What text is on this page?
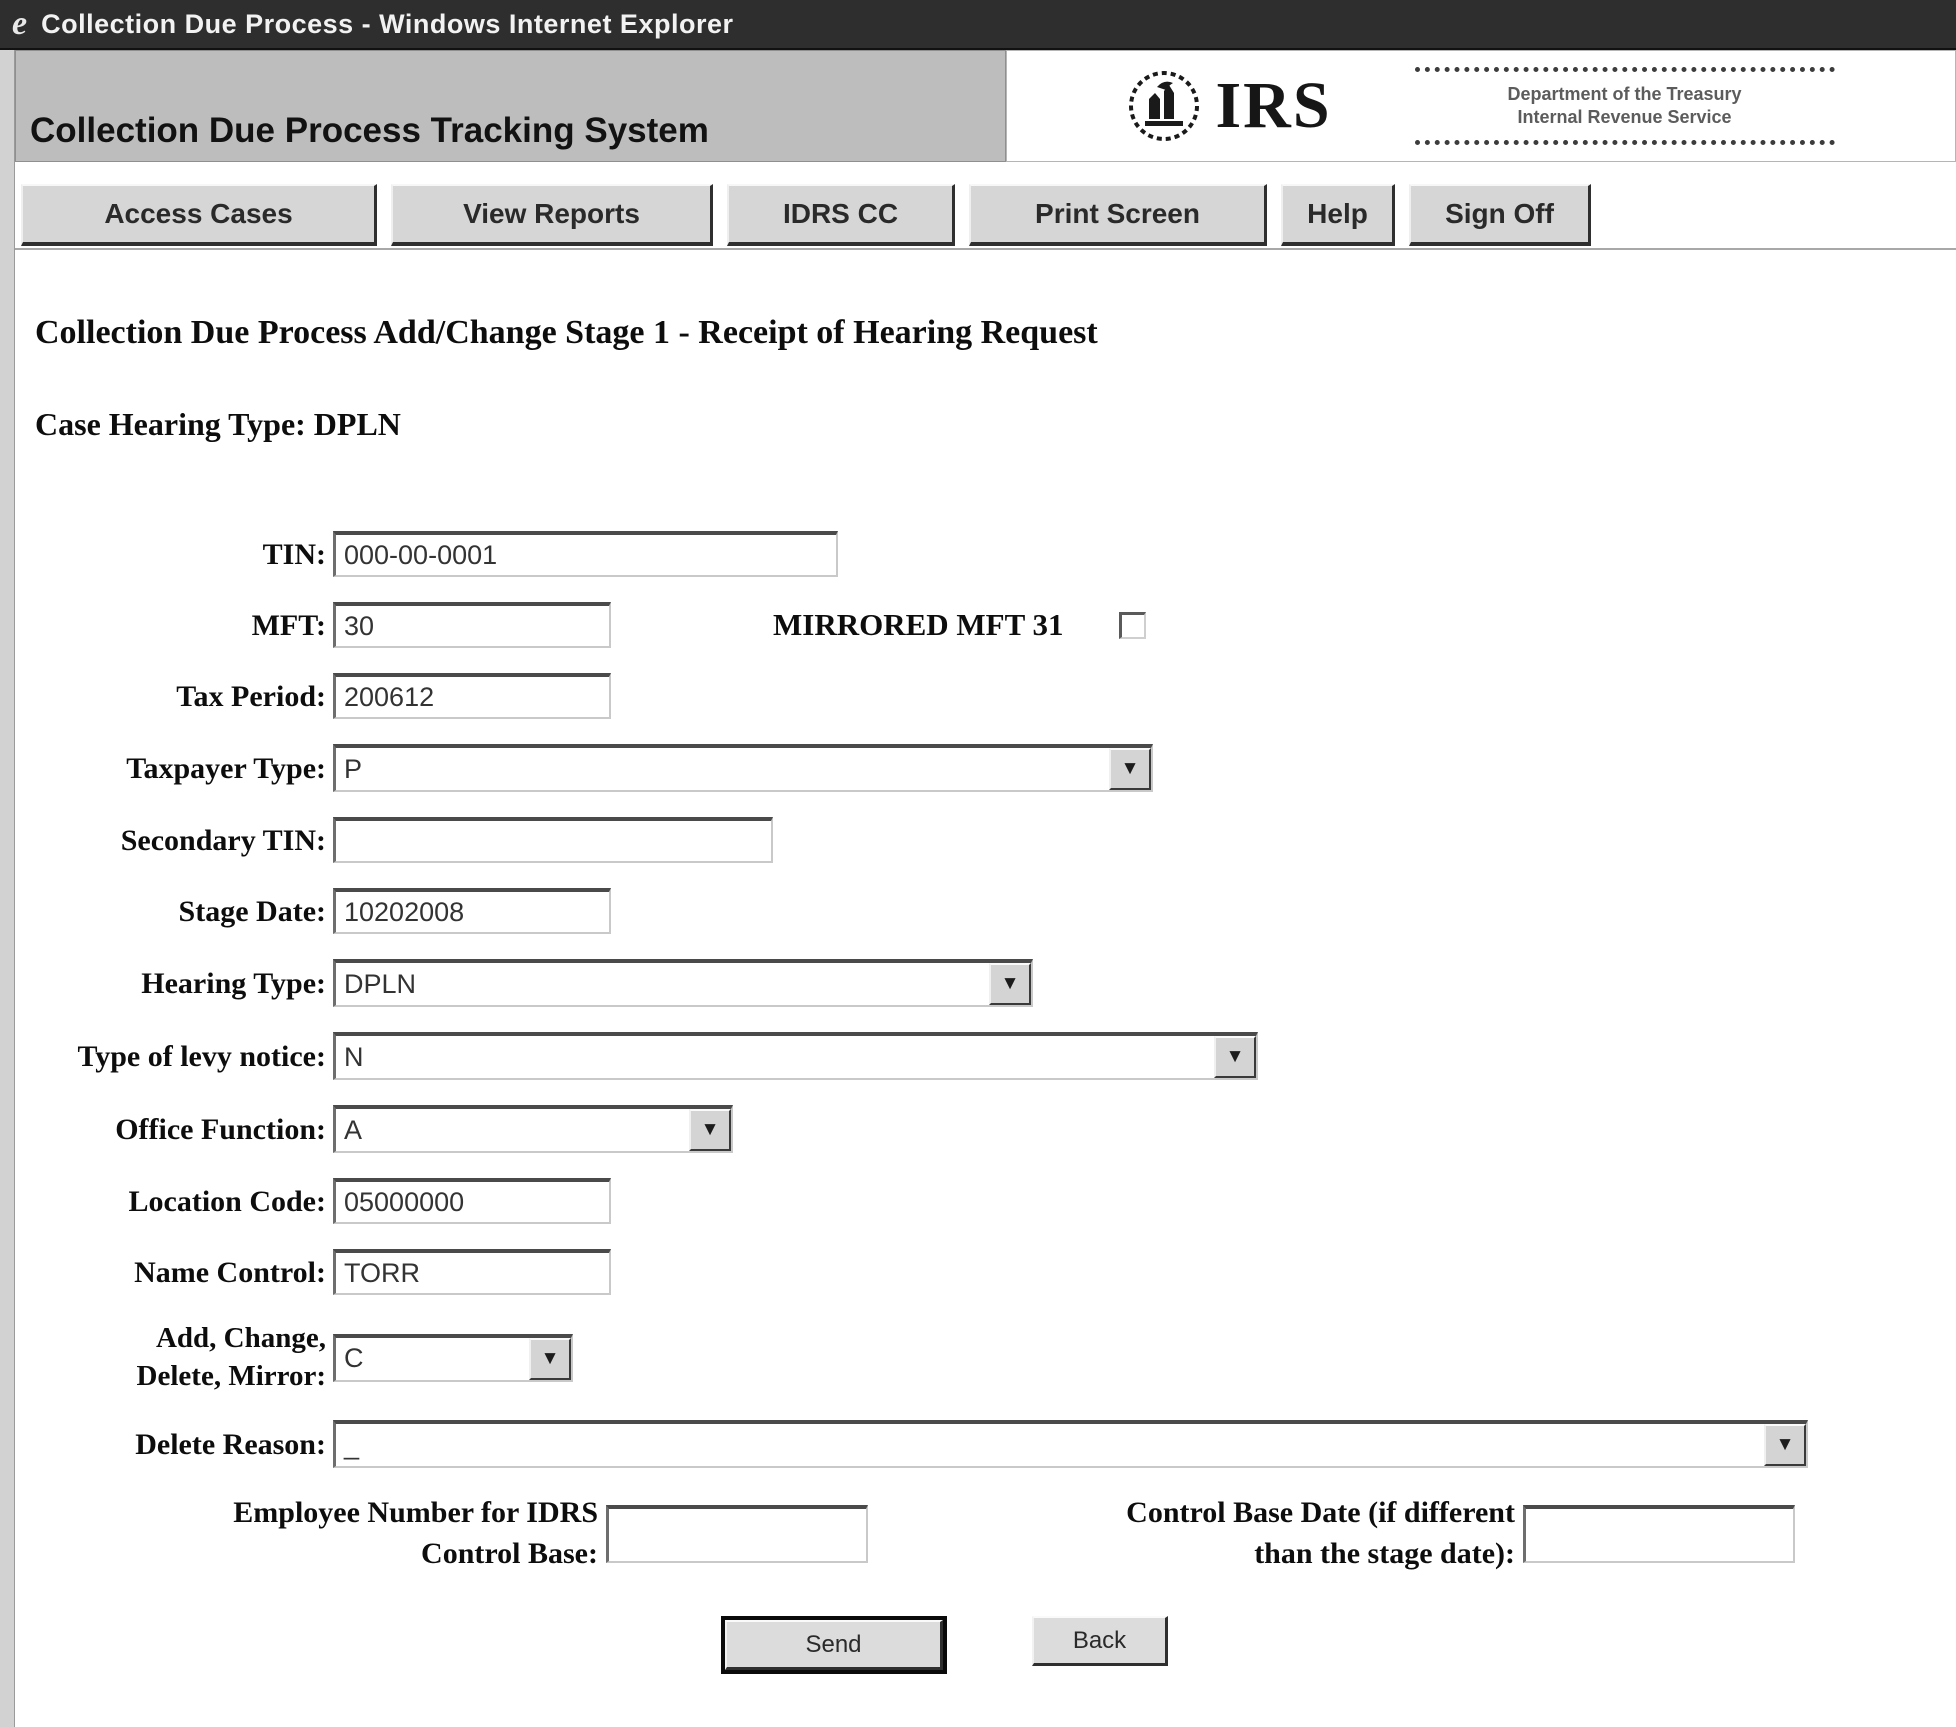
e Collection Due Process - Windows Internet Explorer
Collection Due Process Tracking System	IRS	Department of the Treasury
Internal Revenue Service
Access Cases	View Reports	IDRS CC	Print Screen	Help	Sign Off
Collection Due Process Add/Change Stage 1 - Receipt of Hearing Request
Case Hearing Type: DPLN
TIN:
000-00-0001
MFT:
30	MIRRORED MFT 31
Tax Period:
200612
Taxpayer Type: P	▼
Secondary TIN:
Stage Date:
10202008
Hearing Type: DPLN	▼
Type of levy notice: N	▼
Office Function: A	▼
Location Code:
05000000
Name Control:
TORR
Add, Change,
Delete, Mirror:
C	▼
Delete Reason: _	▼
Employee Number for IDRS
Control Base:
Control Base Date (if different
than the stage date):
Send	Back
